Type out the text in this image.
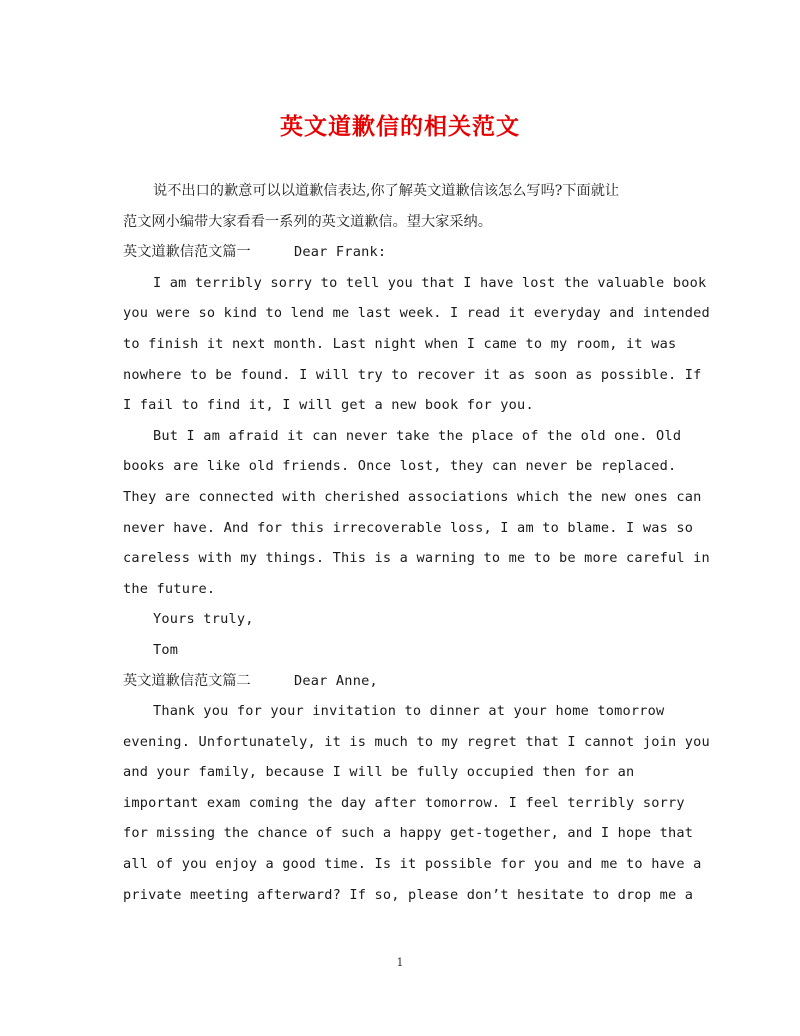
英文道歉信的相关范文
说不出口的歉意可以以道歉信表达,你了解英文道歉信该怎么写吗?下面就让
范文网小编带大家看看一系列的英文道歉信。望大家采纳。
英文道歉信范文篇一	Dear Frank:
I am terribly sorry to tell you that I have lost the valuable book
you were so kind to lend me last week. I read it everyday and intended
to finish it next month. Last night when I came to my room, it was
nowhere to be found. I will try to recover it as soon as possible. If
I fail to find it, I will get a new book for you.
But I am afraid it can never take the place of the old one. Old
books are like old friends. Once lost, they can never be replaced.
They are connected with cherished associations which the new ones can
never have. And for this irrecoverable loss, I am to blame. I was so
careless with my things. This is a warning to me to be more careful in
the future.
Yours truly,
Tom
英文道歉信范文篇二	Dear Anne,
Thank you for your invitation to dinner at your home tomorrow
evening. Unfortunately, it is much to my regret that I cannot join you
and your family, because I will be fully occupied then for an
important exam coming the day after tomorrow. I feel terribly sorry
for missing the chance of such a happy get-together, and I hope that
all of you enjoy a good time. Is it possible for you and me to have a
private meeting afterward? If so, please don’t hesitate to drop me a
1
